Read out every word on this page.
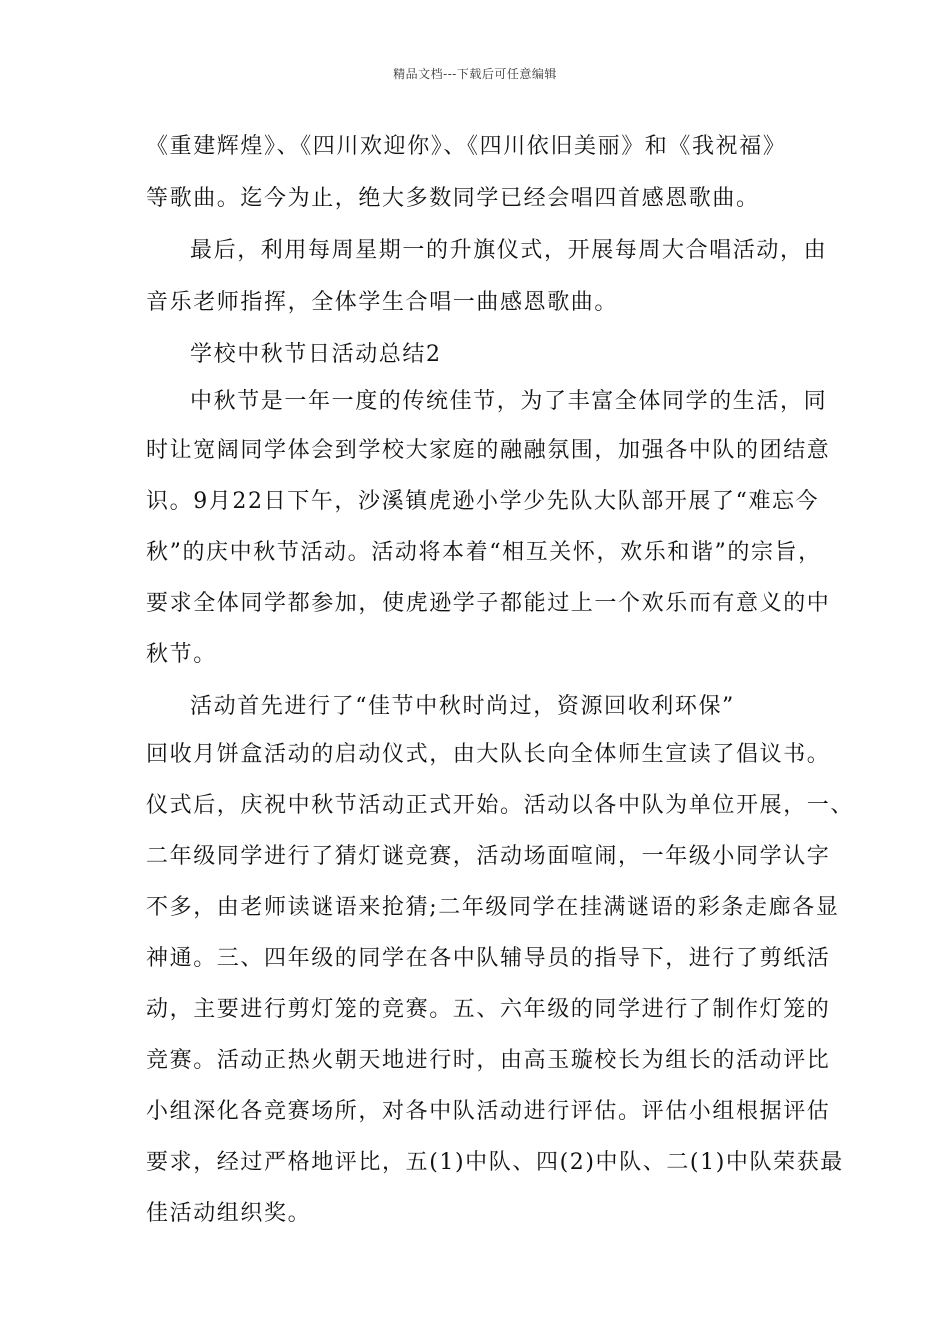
精品文档---下载后可任意编辑
《重建辉煌》、《四川欢迎你》、《四川依旧美丽》和《我祝福》
等歌曲。迄今为止，绝大多数同学已经会唱四首感恩歌曲。
最后，利用每周星期一的升旗仪式，开展每周大合唱活动，由
音乐老师指挥，全体学生合唱一曲感恩歌曲。
学校中秋节日活动总结2
中秋节是一年一度的传统佳节，为了丰富全体同学的生活，同
时让宽阔同学体会到学校大家庭的融融氛围，加强各中队的团结意
识。9月22日下午，沙溪镇虎逊小学少先队大队部开展了“难忘今
秋”的庆中秋节活动。活动将本着“相互关怀，欢乐和谐”的宗旨，
要求全体同学都参加，使虎逊学子都能过上一个欢乐而有意义的中
秋节。
活动首先进行了“佳节中秋时尚过，资源回收利环保”
回收月饼盒活动的启动仪式，由大队长向全体师生宣读了倡议书。
仪式后，庆祝中秋节活动正式开始。活动以各中队为单位开展，一、
二年级同学进行了猜灯谜竞赛，活动场面喧闹，一年级小同学认字
不多，由老师读谜语来抢猜;二年级同学在挂满谜语的彩条走廊各显
神通。三、四年级的同学在各中队辅导员的指导下，进行了剪纸活
动，主要进行剪灯笼的竞赛。五、六年级的同学进行了制作灯笼的
竞赛。活动正热火朝天地进行时，由高玉璇校长为组长的活动评比
小组深化各竞赛场所，对各中队活动进行评估。评估小组根据评估
要求，经过严格地评比，五(1)中队、四(2)中队、二(1)中队荣获最
佳活动组织奖。
